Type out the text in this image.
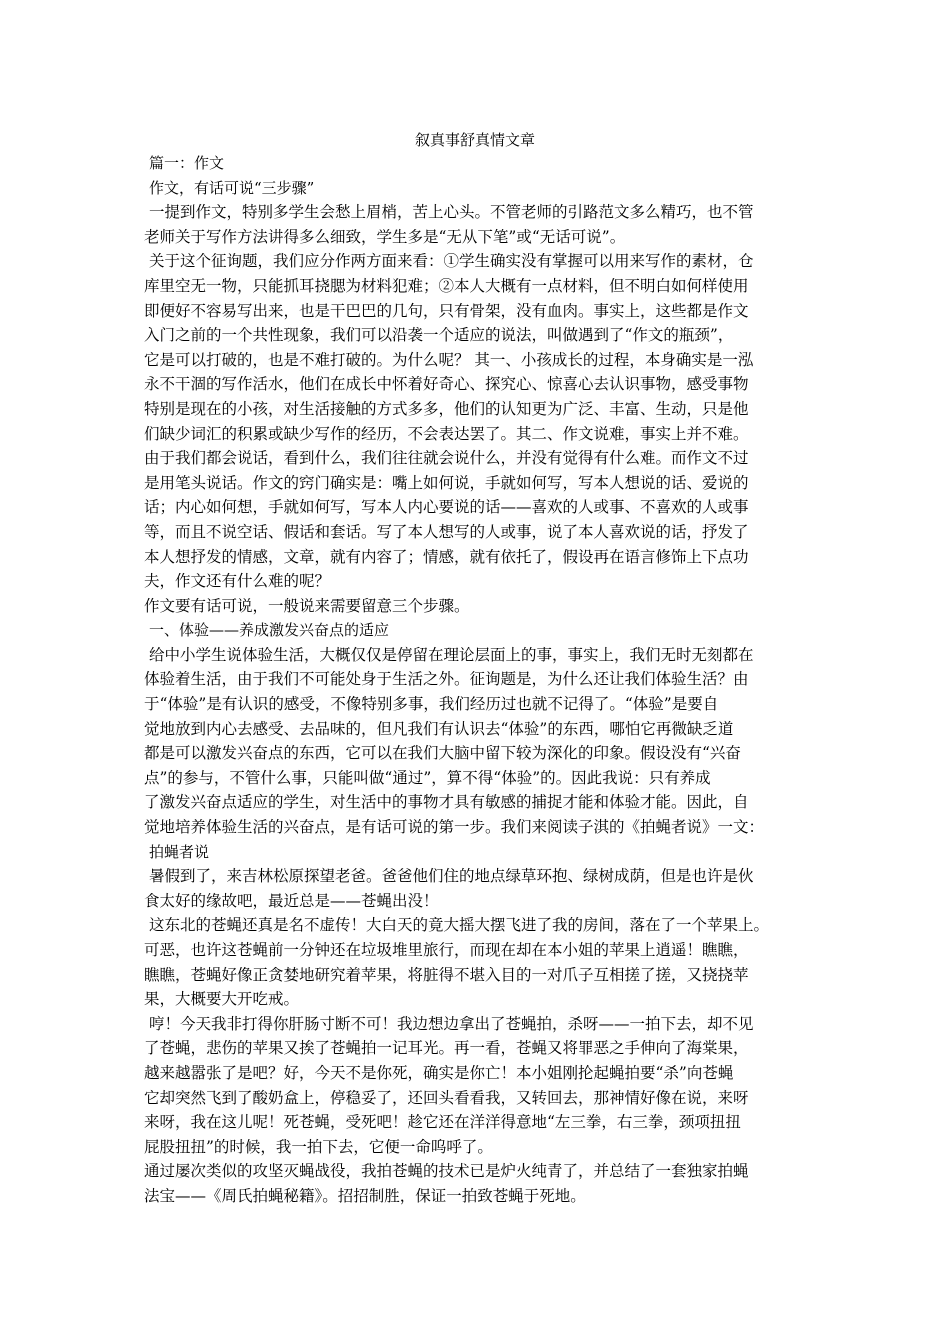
叙真事舒真情文章
篇一：作文
作文，有话可说“三步骤”
一提到作文，特别多学生会愁上眉梢，苦上心头。不管老师的引路范文多么精巧，也不管
老师关于写作方法讲得多么细致，学生多是“无从下笔”或“无话可说”。
关于这个征询题，我们应分作两方面来看：①学生确实没有掌握可以用来写作的素材，仓
库里空无一物，只能抓耳挠腮为材料犯难；②本人大概有一点材料，但不明白如何样使用
即便好不容易写出来，也是干巴巴的几句，只有骨架，没有血肉。事实上，这些都是作文
入门之前的一个共性现象，我们可以沿袭一个适应的说法，叫做遇到了“作文的瓶颈”，
它是可以打破的，也是不难打破的。为什么呢？ 其一、小孩成长的过程，本身确实是一泓
永不干涸的写作活水，他们在成长中怀着好奇心、探究心、惊喜心去认识事物，感受事物
特别是现在的小孩，对生活接触的方式多多，他们的认知更为广泛、丰富、生动，只是他
们缺少词汇的积累或缺少写作的经历，不会表达罢了。其二、作文说难，事实上并不难。
由于我们都会说话，看到什么，我们往往就会说什么，并没有觉得有什么难。而作文不过
是用笔头说话。作文的窍门确实是：嘴上如何说，手就如何写，写本人想说的话、爱说的
话；内心如何想，手就如何写，写本人内心要说的话——喜欢的人或事、不喜欢的人或事
等，而且不说空话、假话和套话。写了本人想写的人或事，说了本人喜欢说的话，抒发了
本人想抒发的情感，文章，就有内容了；情感，就有依托了，假设再在语言修饰上下点功
夫，作文还有什么难的呢？
作文要有话可说，一般说来需要留意三个步骤。
一、体验——养成激发兴奋点的适应
给中小学生说体验生活，大概仅仅是停留在理论层面上的事，事实上，我们无时无刻都在
体验着生活，由于我们不可能处身于生活之外。征询题是，为什么还让我们体验生活？由
于“体验”是有认识的感受，不像特别多事，我们经历过也就不记得了。“体验”是要自
觉地放到内心去感受、去品味的，但凡我们有认识去“体验”的东西，哪怕它再微缺乏道
都是可以激发兴奋点的东西，它可以在我们大脑中留下较为深化的印象。假设没有“兴奋
点”的参与，不管什么事，只能叫做“通过”，算不得“体验”的。因此我说：只有养成
了激发兴奋点适应的学生，对生活中的事物才具有敏感的捕捉才能和体验才能。因此，自
觉地培养体验生活的兴奋点，是有话可说的第一步。我们来阅读子淇的《拍蝇者说》一文：
拍蝇者说
暑假到了，来吉林松原探望老爸。爸爸他们住的地点绿草环抱、绿树成荫，但是也许是伙
食太好的缘故吧，最近总是——苍蝇出没！
这东北的苍蝇还真是名不虚传！大白天的竟大摇大摆飞进了我的房间，落在了一个苹果上。
可恶，也许这苍蝇前一分钟还在垃圾堆里旅行，而现在却在本小姐的苹果上逍遥！瞧瞧，
瞧瞧，苍蝇好像正贪婪地研究着苹果，将脏得不堪入目的一对爪子互相搓了搓，又挠挠苹
果，大概要大开吃戒。
哼！今天我非打得你肝肠寸断不可！我边想边拿出了苍蝇拍，杀呀——一拍下去，却不见
了苍蝇，悲伤的苹果又挨了苍蝇拍一记耳光。再一看，苍蝇又将罪恶之手伸向了海棠果，
越来越嚣张了是吧？好，今天不是你死，确实是你亡！本小姐刚抡起蝇拍要“杀”向苍蝇
它却突然飞到了酸奶盒上，停稳妥了，还回头看看我，又转回去，那神情好像在说，来呀
来呀，我在这儿呢！死苍蝇，受死吧！趁它还在洋洋得意地“左三拳，右三拳，颈项扭扭
屁股扭扭”的时候，我一拍下去，它便一命呜呼了。
通过屡次类似的攻坚灭蝇战役，我拍苍蝇的技术已是炉火纯青了，并总结了一套独家拍蝇
法宝——《周氏拍蝇秘籍》。招招制胜，保证一拍致苍蝇于死地。
